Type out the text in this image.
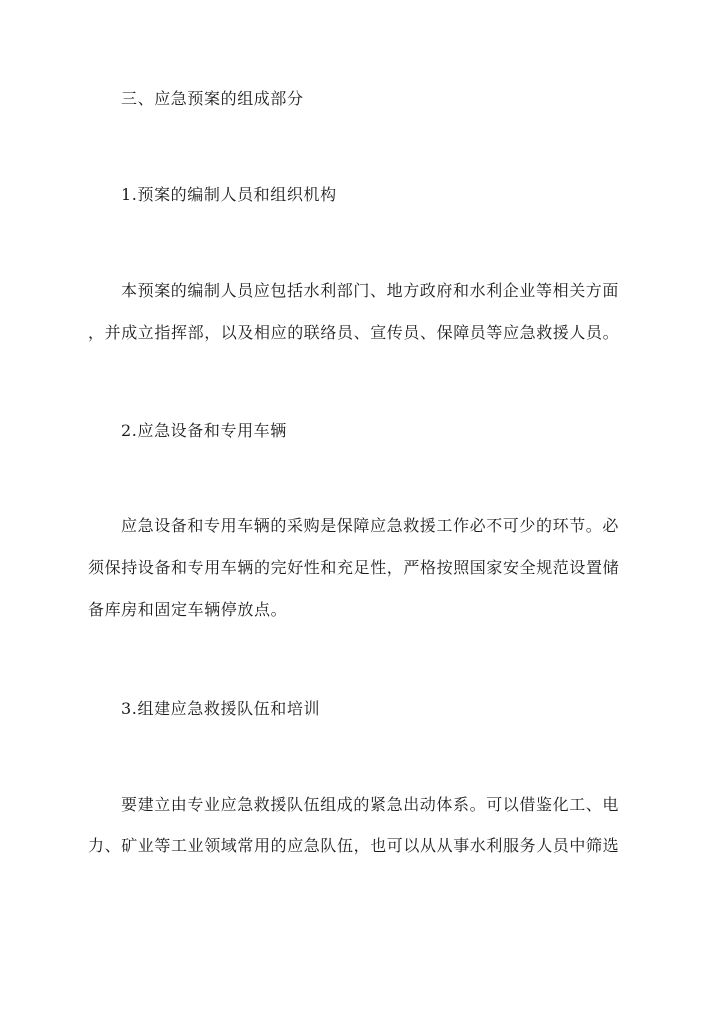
三、应急预案的组成部分
1.预案的编制人员和组织机构
本预案的编制人员应包括水利部门、地方政府和水利企业等相关方面
，并成立指挥部，以及相应的联络员、宣传员、保障员等应急救援人员。
2.应急设备和专用车辆
应急设备和专用车辆的采购是保障应急救援工作必不可少的环节。必
须保持设备和专用车辆的完好性和充足性，严格按照国家安全规范设置储
备库房和固定车辆停放点。
3.组建应急救援队伍和培训
要建立由专业应急救援队伍组成的紧急出动体系。可以借鉴化工、电
力、矿业等工业领域常用的应急队伍，也可以从从事水利服务人员中筛选
